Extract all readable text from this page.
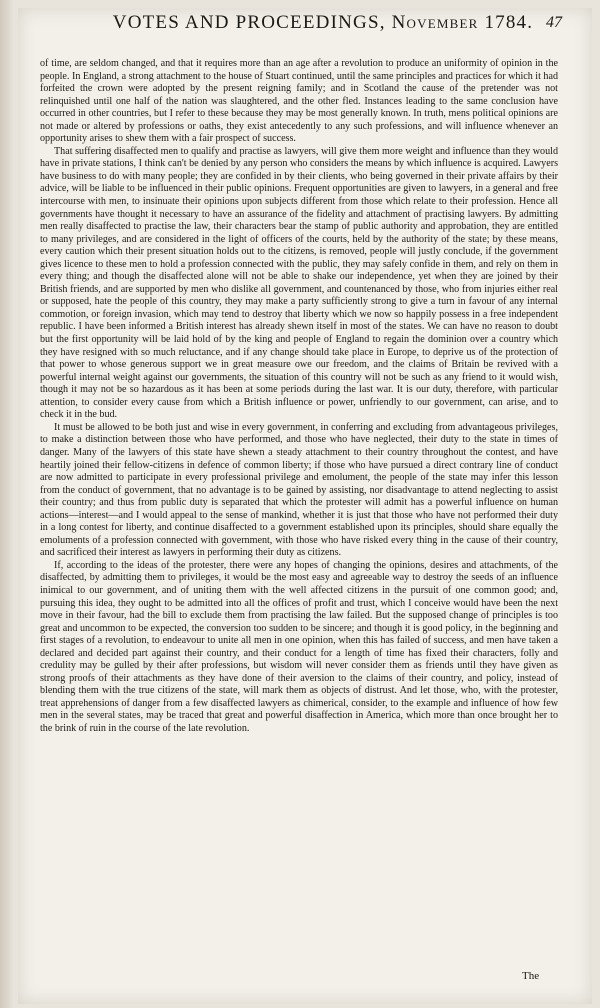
VOTES AND PROCEEDINGS, November 1784. 47

of time, are seldom changed, and that it requires more than an age after a revolution to produce an uniformity of opinion in the people. In England, a strong attachment to the house of Stuart continued, until the same principles and practices for which it had forfeited the crown were adopted by the present reigning family; and in Scotland the cause of the pretender was not relinquished until one half of the nation was slaughtered, and the other fled. Instances leading to the same conclusion have occurred in other countries, but I refer to these because they may be most generally known. In truth, mens political opinions are not made or altered by professions or oaths, they exist antecedently to any such professions, and will influence whenever an opportunity arises to shew them with a fair prospect of success.

That suffering disaffected men to qualify and practise as lawyers, will give them more weight and influence than they would have in private stations, I think can't be denied by any person who considers the means by which influence is acquired. Lawyers have business to do with many people; they are confided in by their clients, who being governed in their private affairs by their advice, will be liable to be influenced in their public opinions. Frequent opportunities are given to lawyers, in a general and free intercourse with men, to insinuate their opinions upon subjects different from those which relate to their profession. Hence all governments have thought it necessary to have an assurance of the fidelity and attachment of practising lawyers. By admitting men really disaffected to practise the law, their characters bear the stamp of public authority and approbation, they are entitled to many privileges, and are considered in the light of officers of the courts, held by the authority of the state; by these means, every caution which their present situation holds out to the citizens, is removed, people will justly conclude, if the government gives licence to these men to hold a profession connected with the public, they may safely confide in them, and rely on them in every thing; and though the disaffected alone will not be able to shake our independence, yet when they are joined by their British friends, and are supported by men who dislike all government, and countenanced by those, who from injuries either real or supposed, hate the people of this country, they may make a party sufficiently strong to give a turn in favour of any internal commotion, or foreign invasion, which may tend to destroy that liberty which we now so happily possess in a free independent republic. I have been informed a British interest has already shewn itself in most of the states. We can have no reason to doubt but the first opportunity will be laid hold of by the king and people of England to regain the dominion over a country which they have resigned with so much reluctance, and if any change should take place in Europe, to deprive us of the protection of that power to whose generous support we in great measure owe our freedom, and the claims of Britain be revived with a powerful internal weight against our governments, the situation of this country will not be such as any friend to it would wish, though it may not be so hazardous as it has been at some periods during the last war. It is our duty, therefore, with particular attention, to consider every cause from which a British influence or power, unfriendly to our government, can arise, and to check it in the bud.

It must be allowed to be both just and wise in every government, in conferring and excluding from advantageous privileges, to make a distinction between those who have performed, and those who have neglected, their duty to the state in times of danger. Many of the lawyers of this state have shewn a steady attachment to their country throughout the contest, and have heartily joined their fellow-citizens in defence of common liberty; if those who have pursued a direct contrary line of conduct are now admitted to participate in every professional privilege and emolument, the people of the state may infer this lesson from the conduct of government, that no advantage is to be gained by assisting, nor disadvantage to attend neglecting to assist their country; and thus from public duty is separated that which the protester will admit has a powerful influence on human actions—interest—and I would appeal to the sense of mankind, whether it is just that those who have not performed their duty in a long contest for liberty, and continue disaffected to a government established upon its principles, should share equally the emoluments of a profession connected with government, with those who have risked every thing in the cause of their country, and sacrificed their interest as lawyers in performing their duty as citizens.

If, according to the ideas of the protester, there were any hopes of changing the opinions, desires and attachments, of the disaffected, by admitting them to privileges, it would be the most easy and agreeable way to destroy the seeds of an influence inimical to our government, and of uniting them with the well affected citizens in the pursuit of one common good; and, pursuing this idea, they ought to be admitted into all the offices of profit and trust, which I conceive would have been the next move in their favour, had the bill to exclude them from practising the law failed. But the supposed change of principles is too great and uncommon to be expected, the conversion too sudden to be sincere; and though it is good policy, in the beginning and first stages of a revolution, to endeavour to unite all men in one opinion, when this has failed of success, and men have taken a declared and decided part against their country, and their conduct for a length of time has fixed their characters, folly and credulity may be gulled by their after professions, but wisdom will never consider them as friends until they have given as strong proofs of their attachments as they have done of their aversion to the claims of their country, and policy, instead of blending them with the true citizens of the state, will mark them as objects of distrust. And let those, who, with the protester, treat apprehensions of danger from a few disaffected lawyers as chimerical, consider, to the example and influence of how few men in the several states, may be traced that great and powerful disaffection in America, which more than once brought her to the brink of ruin in the course of the late revolution.

The
